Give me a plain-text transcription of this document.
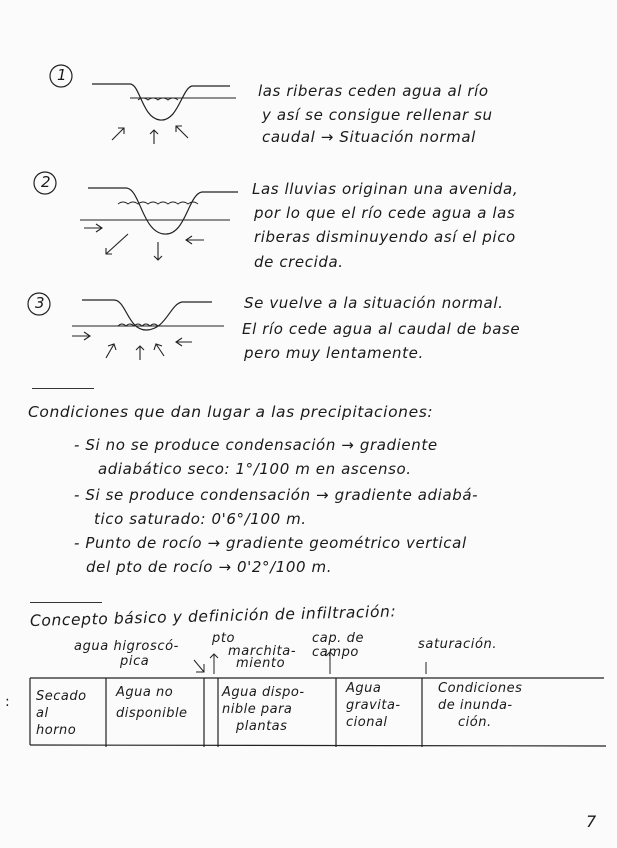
1
las riberas ceden agua al río
y así se consigue rellenar su
caudal → Situación normal
2	Las lluvias originan una avenida,
por lo que el río cede agua a las
riberas disminuyendo así el pico
de crecida.
3	Se vuelve a la situación normal.
El río cede agua al caudal de base
pero muy lentamente.
Condiciones que dan lugar a las precipitaciones:
- Si no se produce condensación → gradiente
adiabático seco: 1°/100 m en ascenso.
- Si se produce condensación → gradiente adiabá-
tico saturado: 0'6°/100 m.
- Punto de rocío → gradiente geométrico vertical
del pto de rocío → 0'2°/100 m.
Concepto básico y definición de infiltración:
agua higroscó-
pica
pto
marchita-
miento
cap. de
campo
saturación.
: Secado
al
horno
Agua no
disponible
Agua dispo-
nible para
plantas
Agua
gravita-
cional
Condiciones
de inunda-
ción.
7
